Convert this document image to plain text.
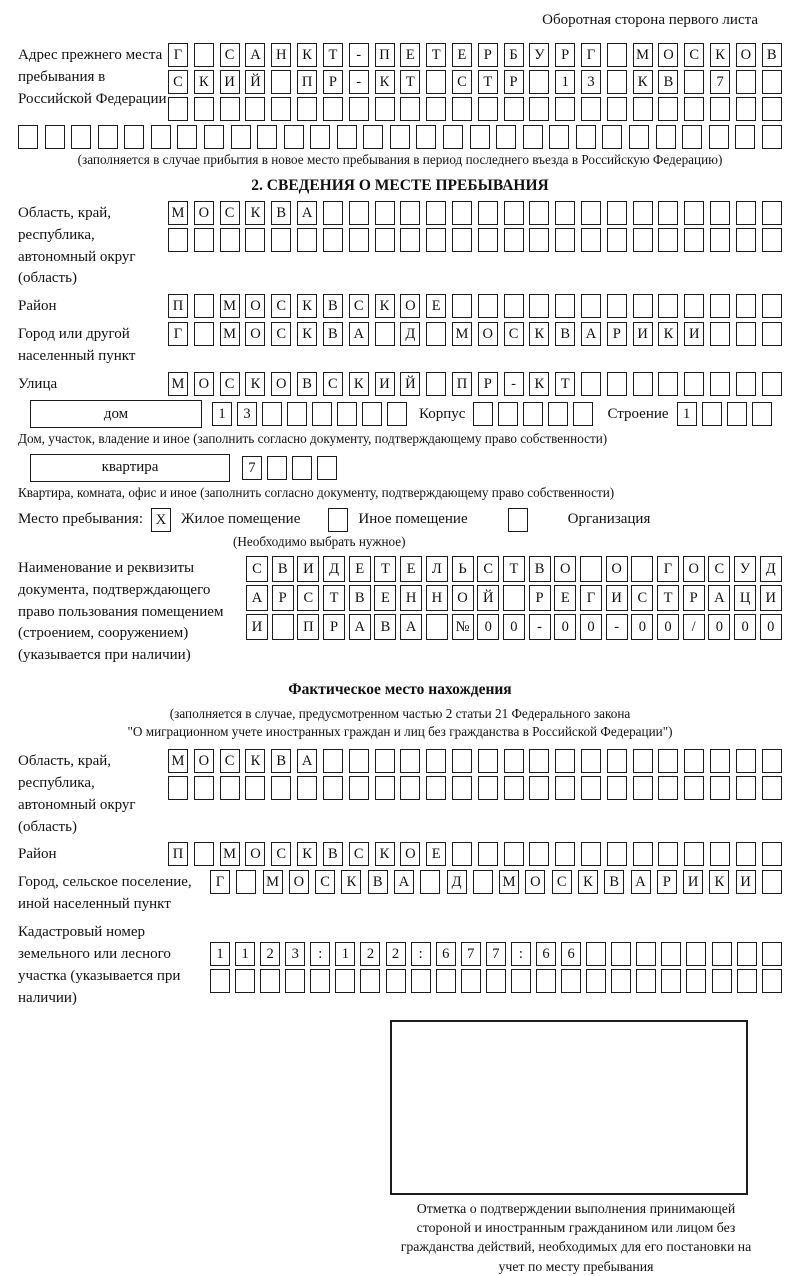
Оборотная сторона первого листа
Адрес прежнего места пребывания в Российской Федерации
Г	С	А	Н	К	Т	-	П	Е	Т	Е	Р	Б	У	Р	Г	М О	С	К	О	В
С	К	И	Й	П	Р	-	К	Т	С	Т	Р	1	3	К	В	7
(заполняется в случае прибытия в новое место пребывания в период последнего въезда в Российскую Федерацию)
2. СВЕДЕНИЯ О МЕСТЕ ПРЕБЫВАНИЯ
Область, край, республика, автономный округ (область)
М О	С	К	В	А
Район	П	М О	С	К	В	С	К	О	Е
Город или другой населенный пункт
Г	М О	С	К	В	А	Д	М О	С	К	В	А	Р	И	К	И
Улица	М О	С	К	О	В	С	К	И	Й	П	Р	-	К	Т
дом	1	3	Корпус	Строение 1
Дом, участок, владение и иное (заполнить согласно документу, подтверждающему право собственности)
квартира	7
Квартира, комната, офис и иное (заполнить согласно документу, подтверждающему право собственности)
Место пребывания: X Жилое помещение	Иное помещение	Организация
(Необходимо выбрать нужное)
Наименование и реквизиты документа, подтверждающего право пользования помещением (строением, сооружением) (указывается при наличии)
С	В	И	Д	Е	Т	Е	Л	Ь	С	Т	В	О	О	Г	О	С	У	Д
А	Р	С	Т	В	Е	Н	Н	О	Й	Р	Е	Г	И	С	Т	Р	А	Ц	И
И	П	Р	А	В	А	№	0	0	-	0	0	-	0	0	/	0	0	0
Фактическое место нахождения
(заполняется в случае, предусмотренном частью 2 статьи 21 Федерального закона
"О миграционном учете иностранных граждан и лиц без гражданства в Российской Федерации")
Область, край, республика, автономный округ (область)
М О	С	К	В	А
Район	П	М О	С	К	В	С	К	О	Е
Город, сельское поселение, иной населенный пункт
Г	М	О	С	К	В	А	Д	М	О	С	К	В	А	Р	И	К	И
Кадастровый номер земельного или лесного участка (указывается при наличии)
1	1	2	3	:	1	2	2	:	6	7	7	:	6	6
Отметка о подтверждении выполнения принимающей стороной и иностранным гражданином или лицом без гражданства действий, необходимых для его постановки на учет по месту пребывания
